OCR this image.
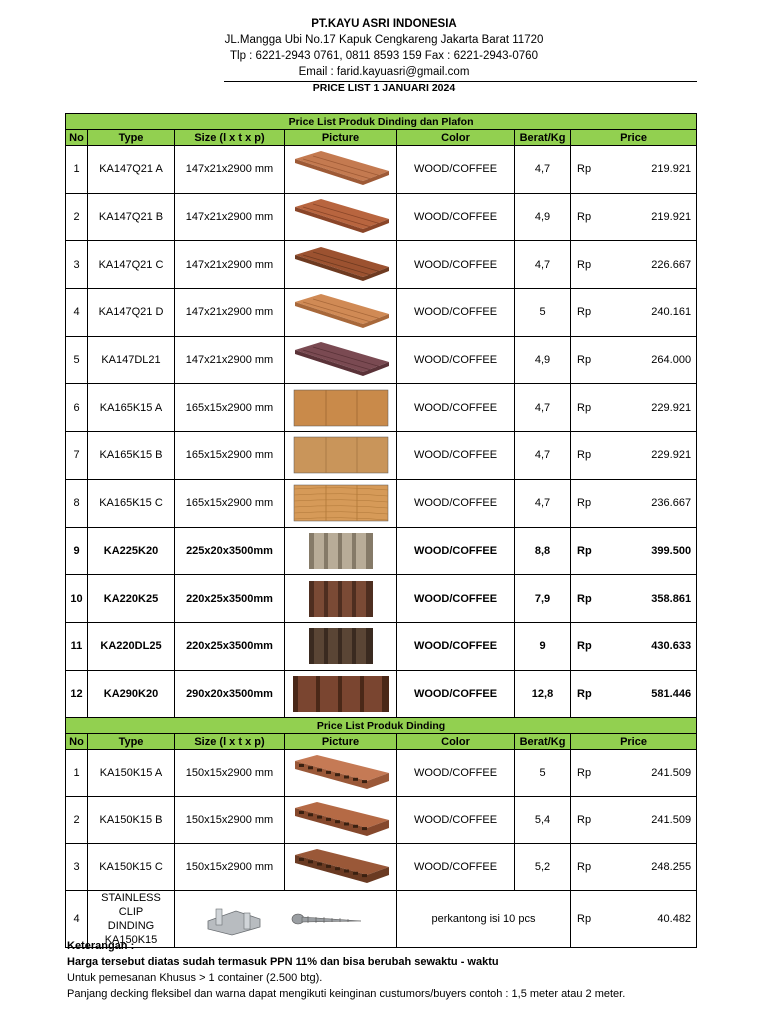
PT.KAYU ASRI INDONESIA
JL.Mangga Ubi No.17 Kapuk Cengkareng Jakarta Barat 11720
Tlp : 6221-2943 0761, 0811 8593 159 Fax : 6221-2943-0760
Email : farid.kayuasri@gmail.com
PRICE LIST 1 JANUARI 2024
Price List Produk Dinding dan Plafon							
No	Type	Size (l x t x p)	Picture	Color	Berat/Kg	Price	
1	KA147Q21 A	147x21x2900 mm		WOOD/COFFEE	4,7	Rp	219.921
2	KA147Q21 B	147x21x2900 mm		WOOD/COFFEE	4,9	Rp	219.921
3	KA147Q21 C	147x21x2900 mm		WOOD/COFFEE	4,7	Rp	226.667
4	KA147Q21 D	147x21x2900 mm		WOOD/COFFEE	5	Rp	240.161
5	KA147DL21	147x21x2900 mm		WOOD/COFFEE	4,9	Rp	264.000
6	KA165K15 A	165x15x2900 mm		WOOD/COFFEE	4,7	Rp	229.921
7	KA165K15 B	165x15x2900 mm		WOOD/COFFEE	4,7	Rp	229.921
8	KA165K15 C	165x15x2900 mm		WOOD/COFFEE	4,7	Rp	236.667
9	KA225K20	225x20x3500mm		WOOD/COFFEE	8,8	Rp	399.500
10	KA220K25	220x25x3500mm		WOOD/COFFEE	7,9	Rp	358.861
11	KA220DL25	220x25x3500mm		WOOD/COFFEE	9	Rp	430.633
12	KA290K20	290x20x3500mm		WOOD/COFFEE	12,8	Rp	581.446
Price List Produk Dinding							
No	Type	Size (l x t x p)	Picture	Color	Berat/Kg	Price	
1	KA150K15 A	150x15x2900 mm		WOOD/COFFEE	5	Rp	241.509
2	KA150K15 B	150x15x2900 mm		WOOD/COFFEE	5,4	Rp	241.509
3	KA150K15 C	150x15x2900 mm		WOOD/COFFEE	5,2	Rp	248.255
4	STAINLESS CLIP
DINDING
KA150K15			perkantong isi 10 pcs		Rp	40.482
Keterangan :
Harga tersebut diatas sudah termasuk PPN 11% dan bisa berubah sewaktu - waktu
Untuk pemesanan Khusus > 1 container (2.500 btg).
Panjang decking fleksibel dan warna dapat mengikuti keinginan custumors/buyers contoh : 1,5 meter atau 2 meter.
